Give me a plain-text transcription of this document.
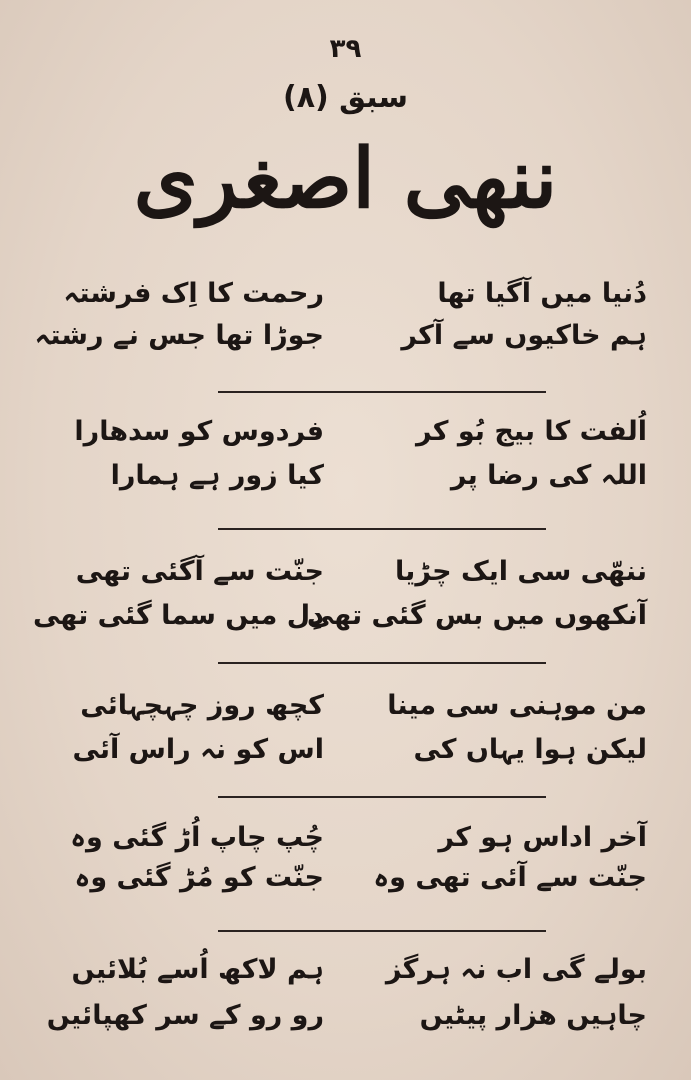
۳۹
سبق (۸)
ننھی اصغری
دُنیا میں آگیا تھا
رحمت کا اِک فرشتہ
ہم خاکیوں سے آکر
جوڑا تھا جس نے رشتہ
اُلفت کا بیج بُو کر
فردوس کو سدھارا
اللہ کی رضا پر
کیا زور ہے ہمارا
ننھّی سی ایک چڑیا
جنّت سے آگئی تھی
آنکھوں میں بس گئی تھی
دِل میں سما گئی تھی
من موہنی سی مینا
کچھ روز چہچہائی
لیکن ہوا یہاں کی
اس کو نہ راس آئی
آخر اداس ہو کر
چُپ چاپ اُڑ گئی وہ
جنّت سے آئی تھی وہ
جنّت کو مُڑ گئی وہ
بولے گی اب نہ ہرگز
ہم لاکھ اُسے بُلائیں
چاہیں ھزار پیٹیں
رو رو کے سر کھپائیں
